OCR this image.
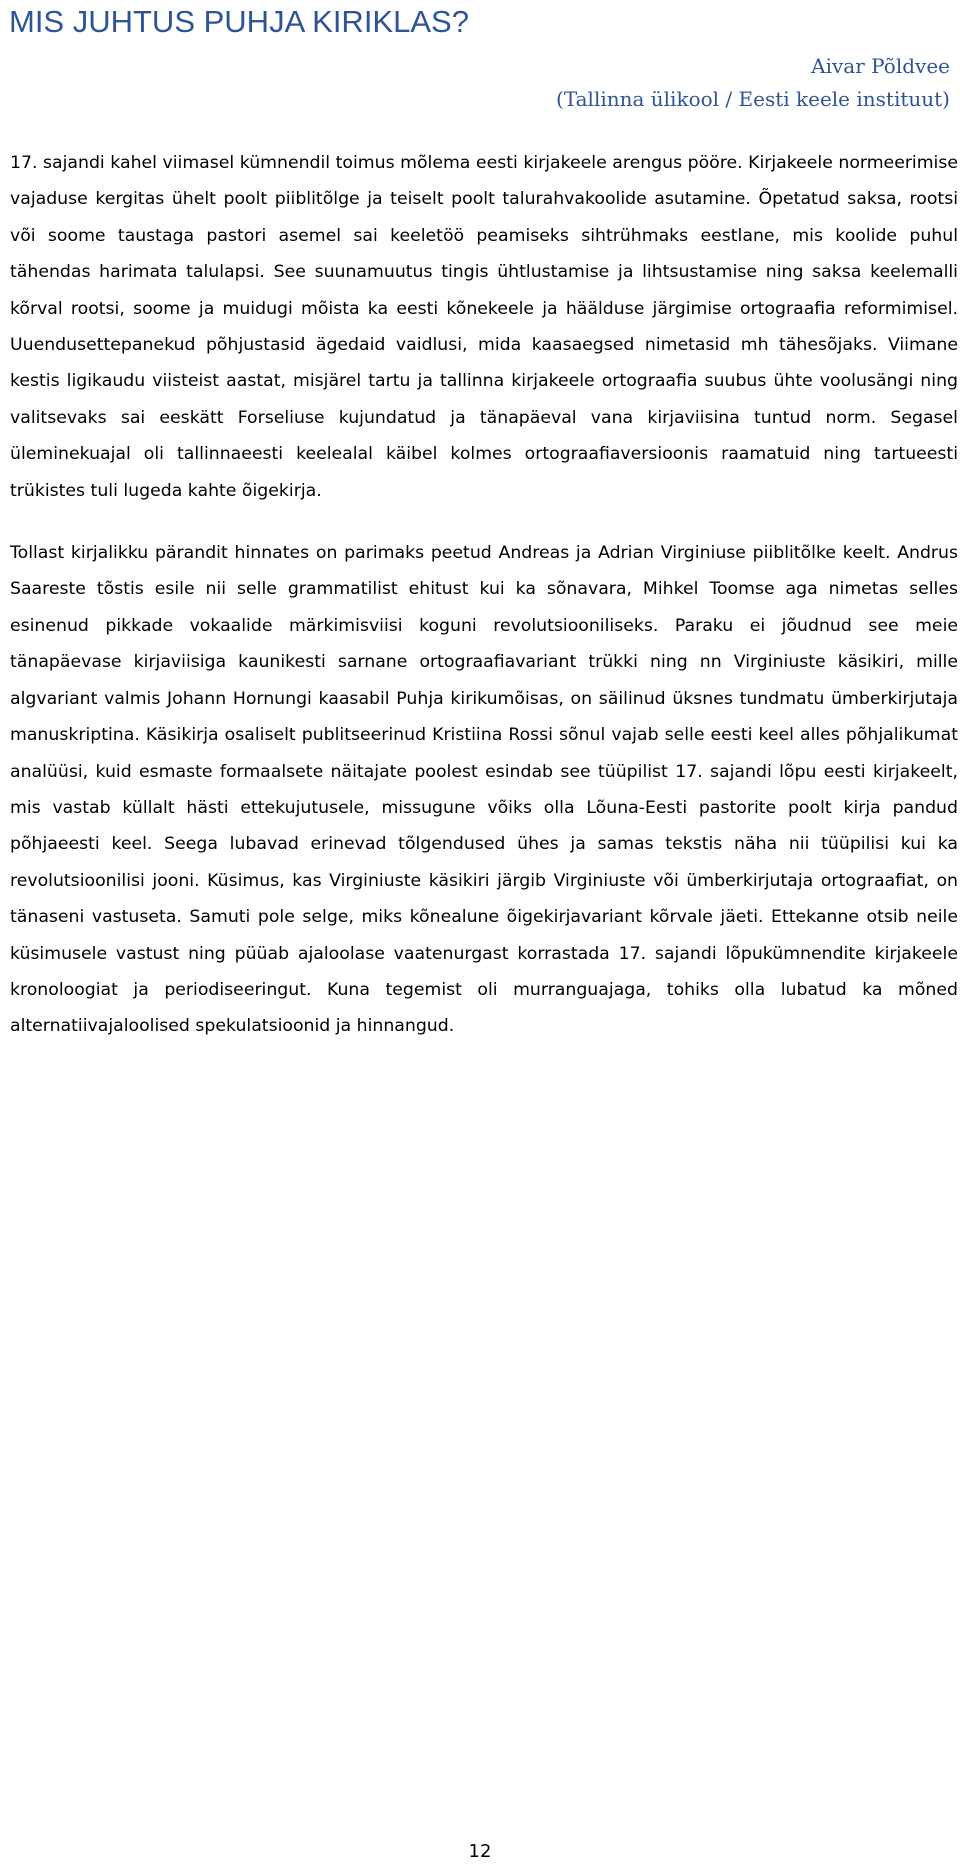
MIS JUHTUS PUHJA KIRIKLAS?
Aivar Põldvee
(Tallinna ülikool / Eesti keele instituut)

17. sajandi kahel viimasel kümnendil toimus mõlema eesti kirjakeele arengus pööre. Kirjakeele normeerimise vajaduse kergitas ühelt poolt piiblitõlge ja teiselt poolt talurahvakoolide asutamine. Õpetatud saksa, rootsi või soome taustaga pastori asemel sai keeletöö peamiseks sihtrühmaks eestlane, mis koolide puhul tähendas harimata talulapsi. See suunamuutus tingis ühtlustamise ja lihtsustamise ning saksa keelemalli kõrval rootsi, soome ja muidugi mõista ka eesti kõnekeele ja häälduse järgimise ortograafia reformimisel. Uuendusettepanekud põhjustasid ägedaid vaidlusi, mida kaasaegsed nimetasid mh tähesõjaks. Viimane kestis ligikaudu viisteist aastat, misjärel tartu ja tallinna kirjakeele ortograafia suubus ühte voolusängi ning valitsevaks sai eeskätt Forseliuse kujundatud ja tänapäeval vana kirjaviisina tuntud norm. Segasel üleminekuajal oli tallinnaeesti keelealal käibel kolmes ortograafiaversioonis raamatuid ning tartueesti trükistes tuli lugeda kahte õigekirja.

Tollast kirjalikku pärandit hinnates on parimaks peetud Andreas ja Adrian Virginiuse piiblitõlke keelt. Andrus Saareste tõstis esile nii selle grammatilist ehitust kui ka sõnavara, Mihkel Toomse aga nimetas selles esinenud pikkade vokaalide märkimisviisi koguni revolutsiooniliseks. Paraku ei jõudnud see meie tänapäevase kirjaviisiga kaunikesti sarnane ortograafiavariant trükki ning nn Virginiuste käsikiri, mille algvariant valmis Johann Hornungi kaasabil Puhja kirikumõisas, on säilinud üksnes tundmatu ümberkirjutaja manuskriptina. Käsikirja osaliselt publitseerinud Kristiina Rossi sõnul vajab selle eesti keel alles põhjalikumat analüüsi, kuid esmaste formaalsete näitajate poolest esindab see tüüpilist 17. sajandi lõpu eesti kirjakeelt, mis vastab küllalt hästi ettekujutusele, missugune võiks olla Lõuna-Eesti pastorite poolt kirja pandud põhjaeesti keel. Seega lubavad erinevad tõlgendused ühes ja samas tekstis näha nii tüüpilisi kui ka revolutsioonilisi jooni. Küsimus, kas Virginiuste käsikiri järgib Virginiuste või ümberkirjutaja ortograafiat, on tänaseni vastuseta. Samuti pole selge, miks kõnealune õigekirjavariant kõrvale jäeti. Ettekanne otsib neile küsimusele vastust ning püüab ajaloolase vaatenurgast korrastada 17. sajandi lõpukümnendite kirjakeele kronoloogiat ja periodiseeringut. Kuna tegemist oli murranguajaga, tohiks olla lubatud ka mõned alternatiivajaloolised spekulatsioonid ja hinnangud.

12
